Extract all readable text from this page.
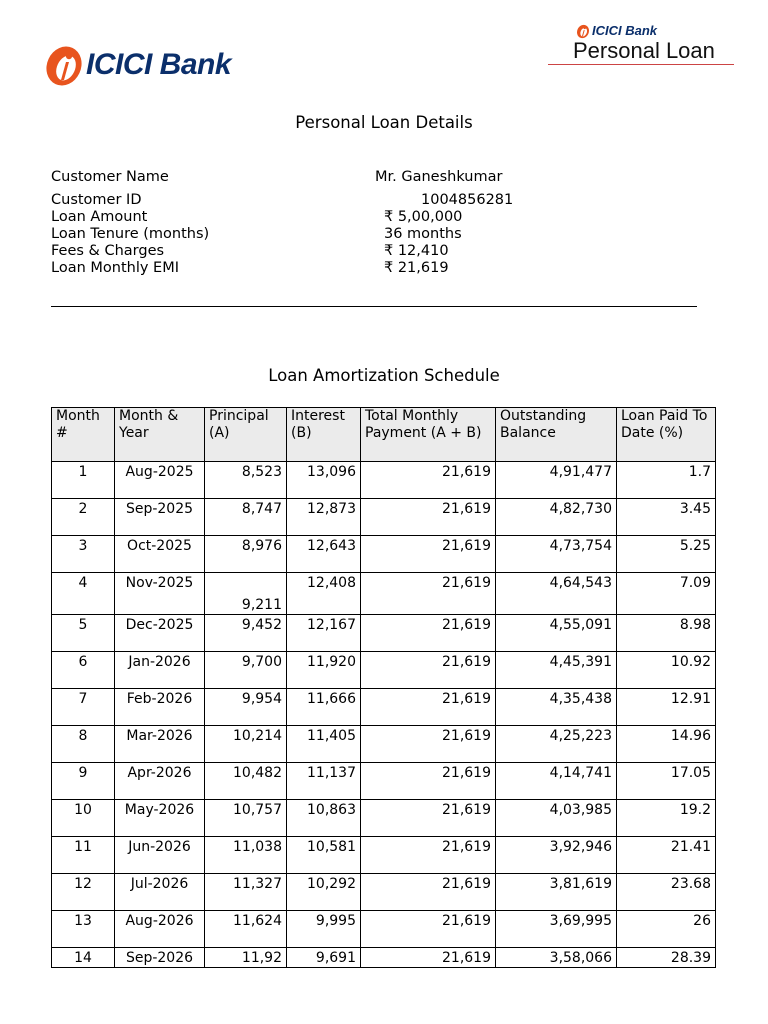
ICICI Bank
ICICI Bank
Personal Loan
Personal Loan Details
Customer Name	Mr. Ganeshkumar
Customer ID	1004856281
Loan Amount	₹ 5,00,000
Loan Tenure (months)	36 months
Fees & Charges	₹ 12,410
Loan Monthly EMI	₹ 21,619
Loan Amortization Schedule
Month #	Month & Year	Principal (A)	Interest (B)	Total Monthly Payment (A + B)	Outstanding Balance	Loan Paid To Date (%)
1	Aug-2025	8,523	13,096	21,619	4,91,477	1.7
2	Sep-2025	8,747	12,873	21,619	4,82,730	3.45
3	Oct-2025	8,976	12,643	21,619	4,73,754	5.25
4	Nov-2025	9,211	12,408	21,619	4,64,543	7.09
5	Dec-2025	9,452	12,167	21,619	4,55,091	8.98
6	Jan-2026	9,700	11,920	21,619	4,45,391	10.92
7	Feb-2026	9,954	11,666	21,619	4,35,438	12.91
8	Mar-2026	10,214	11,405	21,619	4,25,223	14.96
9	Apr-2026	10,482	11,137	21,619	4,14,741	17.05
10	May-2026	10,757	10,863	21,619	4,03,985	19.2
11	Jun-2026	11,038	10,581	21,619	3,92,946	21.41
12	Jul-2026	11,327	10,292	21,619	3,81,619	23.68
13	Aug-2026	11,624	9,995	21,619	3,69,995	26
14	Sep-2026	11,92	9,691	21,619	3,58,066	28.39
